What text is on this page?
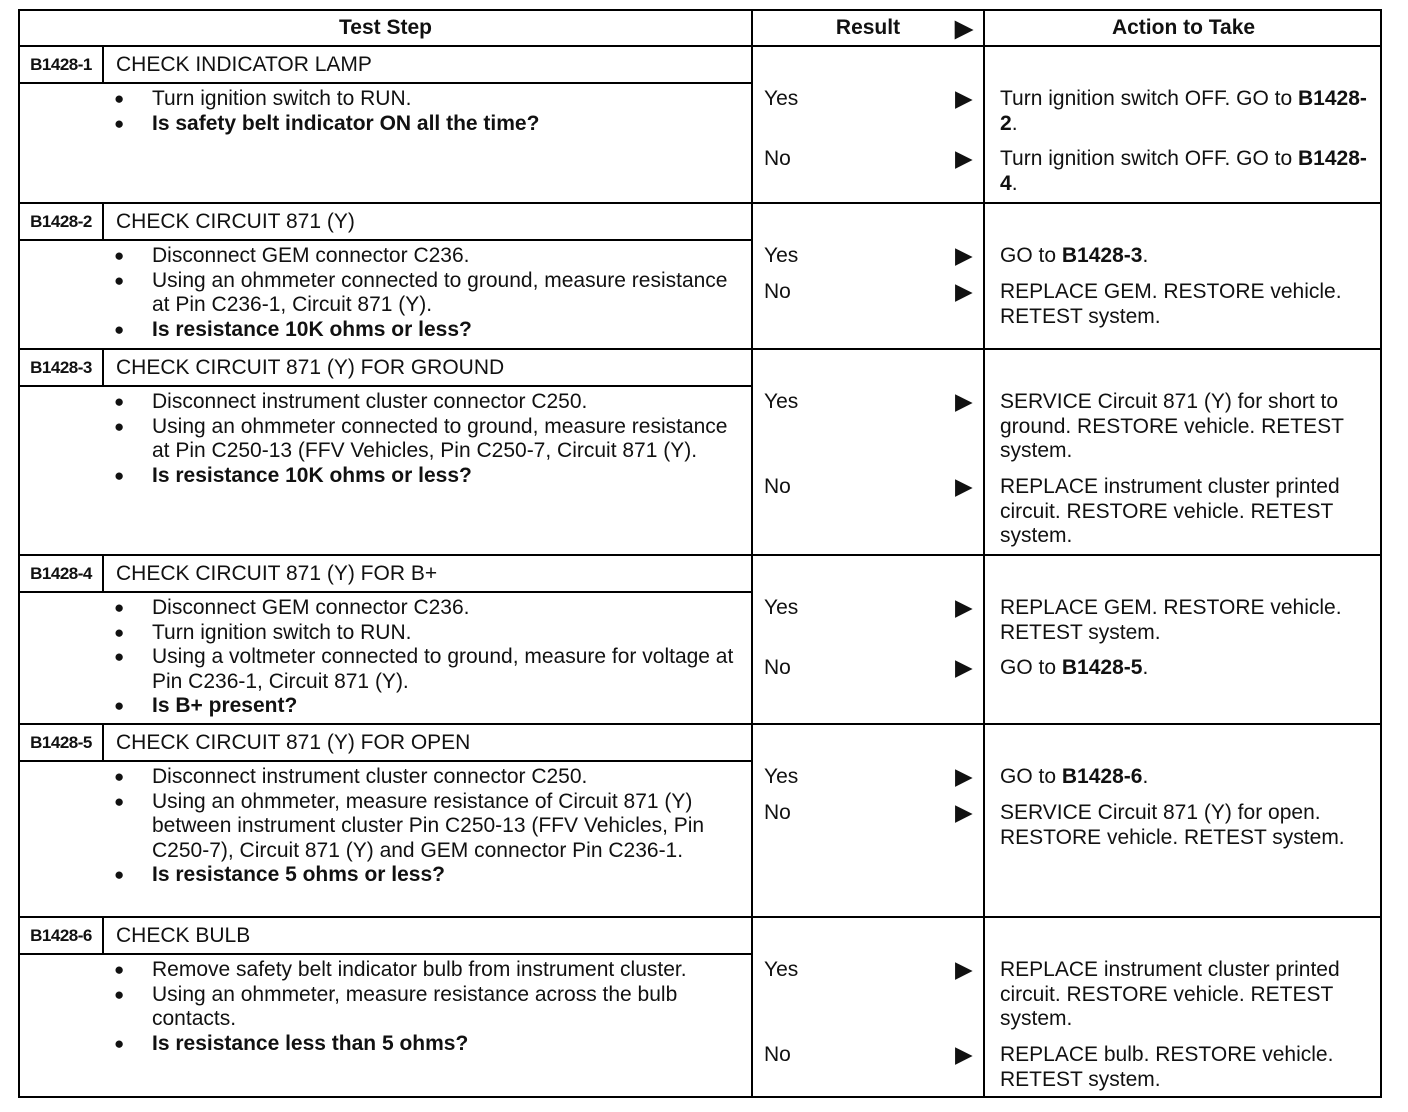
Test Step	Result	▶	Action to Take
B1428-1	CHECK INDICATOR LAMP
● Turn ignition switch to RUN.
● Is safety belt indicator ON all the time?
Yes	▶ Turn ignition switch OFF. GO to B1428-2.
No	▶ Turn ignition switch OFF. GO to B1428-4.
B1428-2	CHECK CIRCUIT 871 (Y)
● Disconnect GEM connector C236.
● Using an ohmmeter connected to ground, measure resistance at Pin C236-1, Circuit 871 (Y).
● Is resistance 10K ohms or less?
Yes	▶ GO to B1428-3.
No	▶ REPLACE GEM. RESTORE vehicle. RETEST system.
B1428-3	CHECK CIRCUIT 871 (Y) FOR GROUND
● Disconnect instrument cluster connector C250.
● Using an ohmmeter connected to ground, measure resistance at Pin C250-13 (FFV Vehicles, Pin C250-7, Circuit 871 (Y).
● Is resistance 10K ohms or less?
Yes	▶ SERVICE Circuit 871 (Y) for short to ground. RESTORE vehicle. RETEST system.
No	▶ REPLACE instrument cluster printed circuit. RESTORE vehicle. RETEST system.
B1428-4	CHECK CIRCUIT 871 (Y) FOR B+
● Disconnect GEM connector C236.
● Turn ignition switch to RUN.
● Using a voltmeter connected to ground, measure for voltage at Pin C236-1, Circuit 871 (Y).
● Is B+ present?
Yes	▶ REPLACE GEM. RESTORE vehicle. RETEST system.
No	▶ GO to B1428-5.
B1428-5	CHECK CIRCUIT 871 (Y) FOR OPEN
● Disconnect instrument cluster connector C250.
● Using an ohmmeter, measure resistance of Circuit 871 (Y) between instrument cluster Pin C250-13 (FFV Vehicles, Pin C250-7), Circuit 871 (Y) and GEM connector Pin C236-1.
● Is resistance 5 ohms or less?
Yes	▶ GO to B1428-6.
No	▶ SERVICE Circuit 871 (Y) for open. RESTORE vehicle. RETEST system.
B1428-6	CHECK BULB
● Remove safety belt indicator bulb from instrument cluster.
● Using an ohmmeter, measure resistance across the bulb contacts.
● Is resistance less than 5 ohms?
Yes	▶ REPLACE instrument cluster printed circuit. RESTORE vehicle. RETEST system.
No	▶ REPLACE bulb. RESTORE vehicle. RETEST system.
